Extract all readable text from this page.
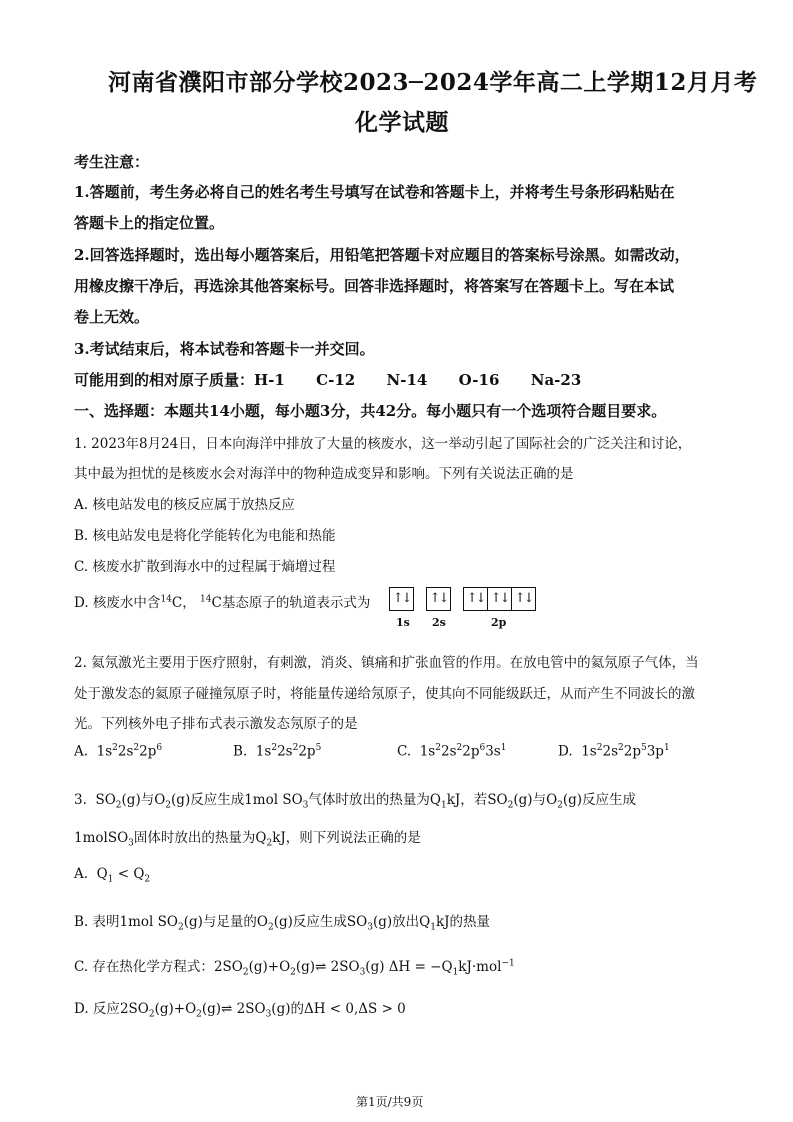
河南省濮阳市部分学校2023─2024学年高二上学期12月月考
化学试题
考生注意：
1.答题前，考生务必将自己的姓名考生号填写在试卷和答题卡上，并将考生号条形码粘贴在
答题卡上的指定位置。
2.回答选择题时，选出每小题答案后，用铅笔把答题卡对应题目的答案标号涂黑。如需改动，
用橡皮擦干净后，再选涂其他答案标号。回答非选择题时，将答案写在答题卡上。写在本试
卷上无效。
3.考试结束后，将本试卷和答题卡一并交回。
可能用到的相对原子质量：H-1      C-12      N-14      O-16      Na-23
一、选择题：本题共14小题，每小题3分，共42分。每小题只有一个选项符合题目要求。
1. 2023年8月24日，日本向海洋中排放了大量的核废水，这一举动引起了国际社会的广泛关注和讨论，
其中最为担忧的是核废水会对海洋中的物种造成变异和影响。下列有关说法正确的是
A. 核电站发电的核反应属于放热反应
B. 核电站发电是将化学能转化为电能和热能
C. 核废水扩散到海水中的过程属于熵增过程
D. 核废水中含$^{14}$C， $^{14}$C基态原子的轨道表示式为 ↑↓ ↑↓ ↑↓ ↑↓ ↑↓
1s 2s	2p
2. 氦氖激光主要用于医疗照射，有刺激，消炎、镇痛和扩张血管的作用。在放电管中的氦氖原子气体，当
处于激发态的氦原子碰撞氖原子时，将能量传递给氖原子，使其向不同能级跃迁，从而产生不同波长的激
光。下列核外电子排布式表示激发态氖原子的是
A.  $1s^22s^22p^6$	B.  $1s^22s^22p^5$	C.  $1s^22s^22p^63s^1$	D.  $1s^22s^22p^53p^1$
3.  $SO_2(g)$与$O_2(g)$反应生成1mol $SO_3$气体时放出的热量为$Q_1kJ$，若$SO_2(g)$与$O_2(g)$反应生成
1molSO$_3$固体时放出的热量为$Q_2kJ$，则下列说法正确的是
A.  $Q_1 < Q_2$
B. 表明1mol $SO_2(g)$与足量的$O_2(g)$反应生成$SO_3(g)$放出$Q_1kJ$的热量
C. 存在热化学方程式：$2SO_2(g)+O_2(g)\rightleftharpoons$ $2SO_3(g) \Delta H = -Q_1kJ\cdot mol^{-1}$
D. 反应$2SO_2(g)+O_2(g)\rightleftharpoons$ $2SO_3(g)$的ΔH < 0,ΔS > 0
第1页/共9页
